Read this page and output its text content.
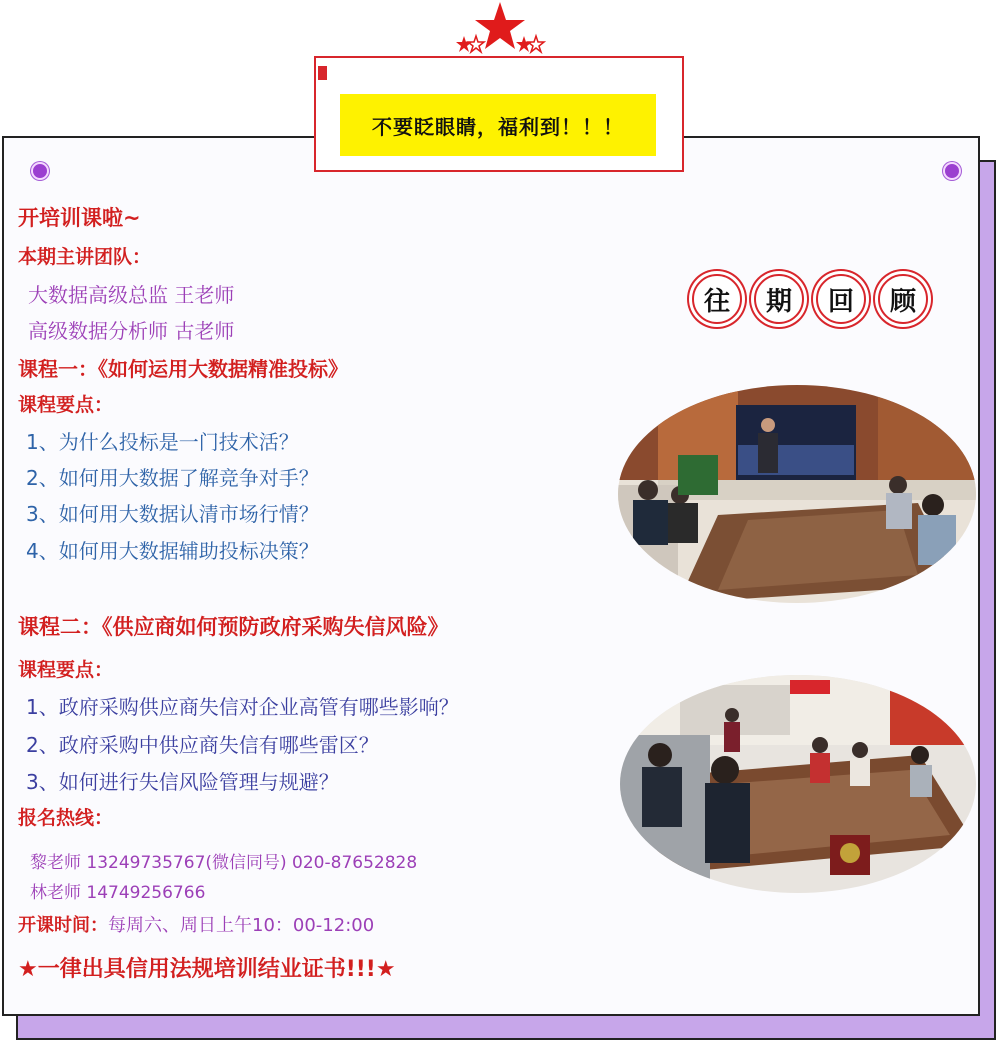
不要眨眼睛，福利到！！！
开培训课啦~
本期主讲团队：
大数据高级总监 王老师
高级数据分析师 古老师
课程一：《如何运用大数据精准投标》
课程要点：
1、为什么投标是一门技术活？
2、如何用大数据了解竞争对手？
3、如何用大数据认清市场行情？
4、如何用大数据辅助投标决策？
课程二：《供应商如何预防政府采购失信风险》
课程要点：
1、政府采购供应商失信对企业高管有哪些影响？
2、政府采购中供应商失信有哪些雷区？
3、如何进行失信风险管理与规避？
报名热线：
黎老师 13249735767(微信同号) 020-87652828
林老师 14749256766
开课时间：每周六、周日上午10：00-12:00
★一律出具信用法规培训结业证书!!!★
往	期	回	顾
